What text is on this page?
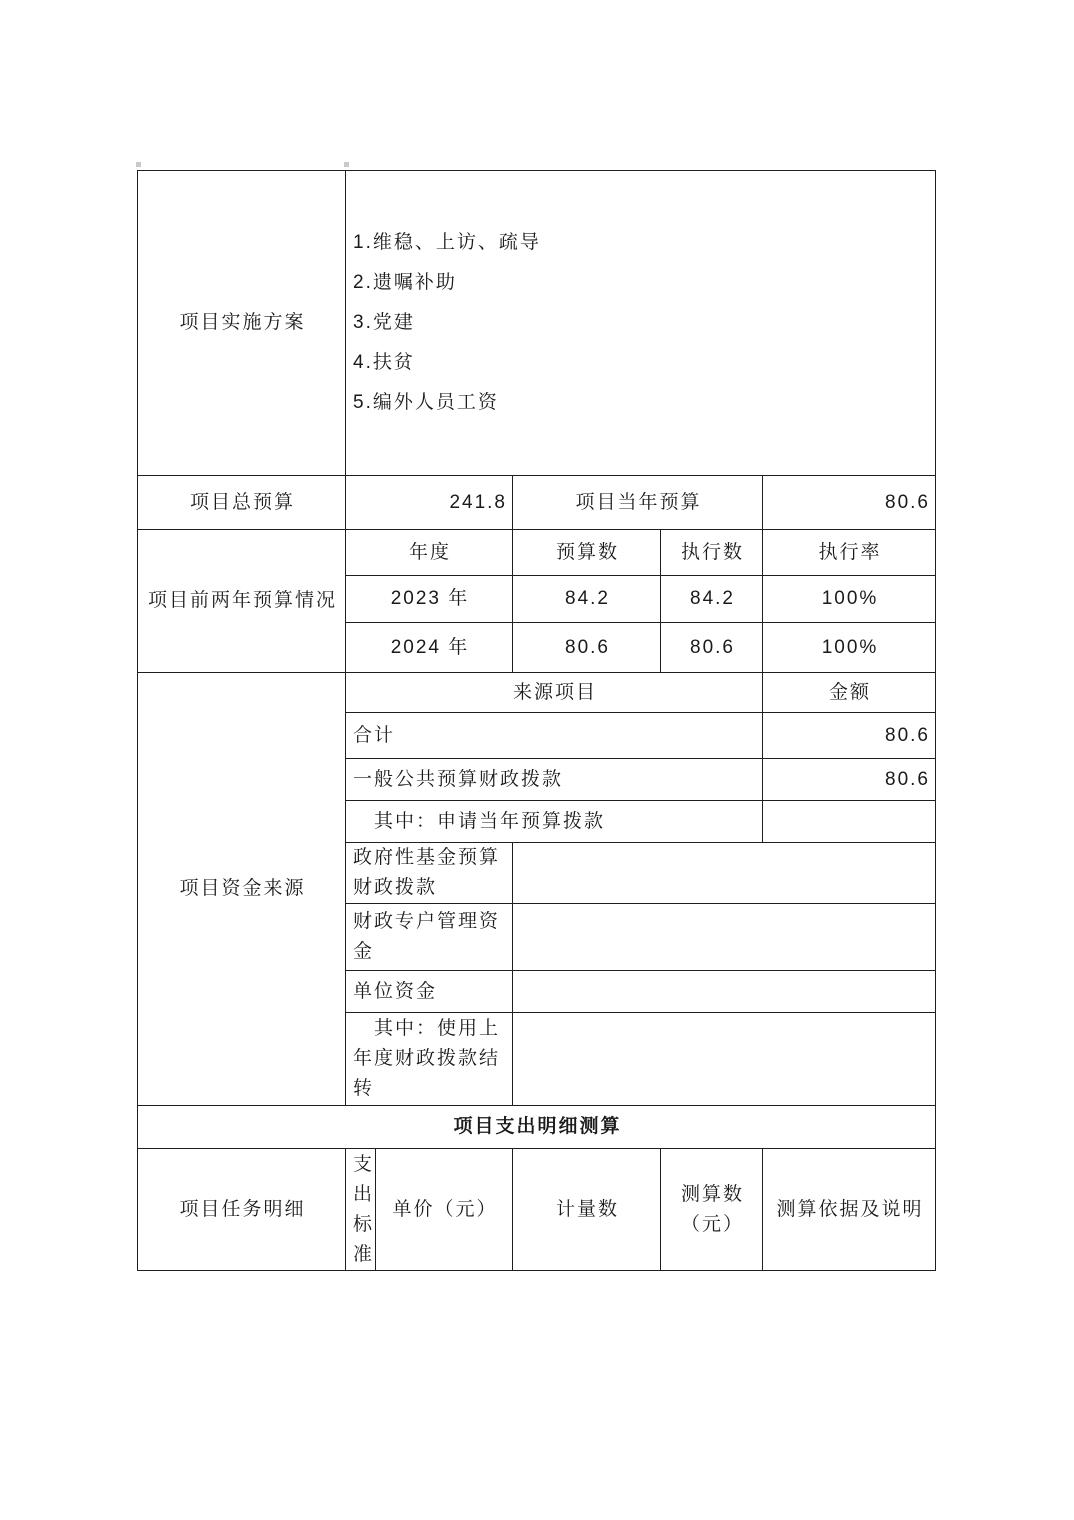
项目实施方案	1.维稳、上访、疏导
2.遗嘱补助
3.党建
4.扶贫
5.编外人员工资				

项目总预算	241.8		项目当年预算		80.6
项目前两年预算情况	年度		预算数	执行数	执行率
	2023 年		84.2	84.2	100%
	2024 年		80.6	80.6	100%
项目资金来源	来源项目				金额
	合计				80.6
	一般公共预算财政拨款				80.6
	其中：申请当年预算拨款				
	政府性基金预算财政拨款				
	财政专户管理资金				
	单位资金				
	其中：使用上年度财政拨款结转				
项目支出明细测算					
项目任务明细	支出标准	单价（元）	计量数	测算数（元）	测算依据及说明
